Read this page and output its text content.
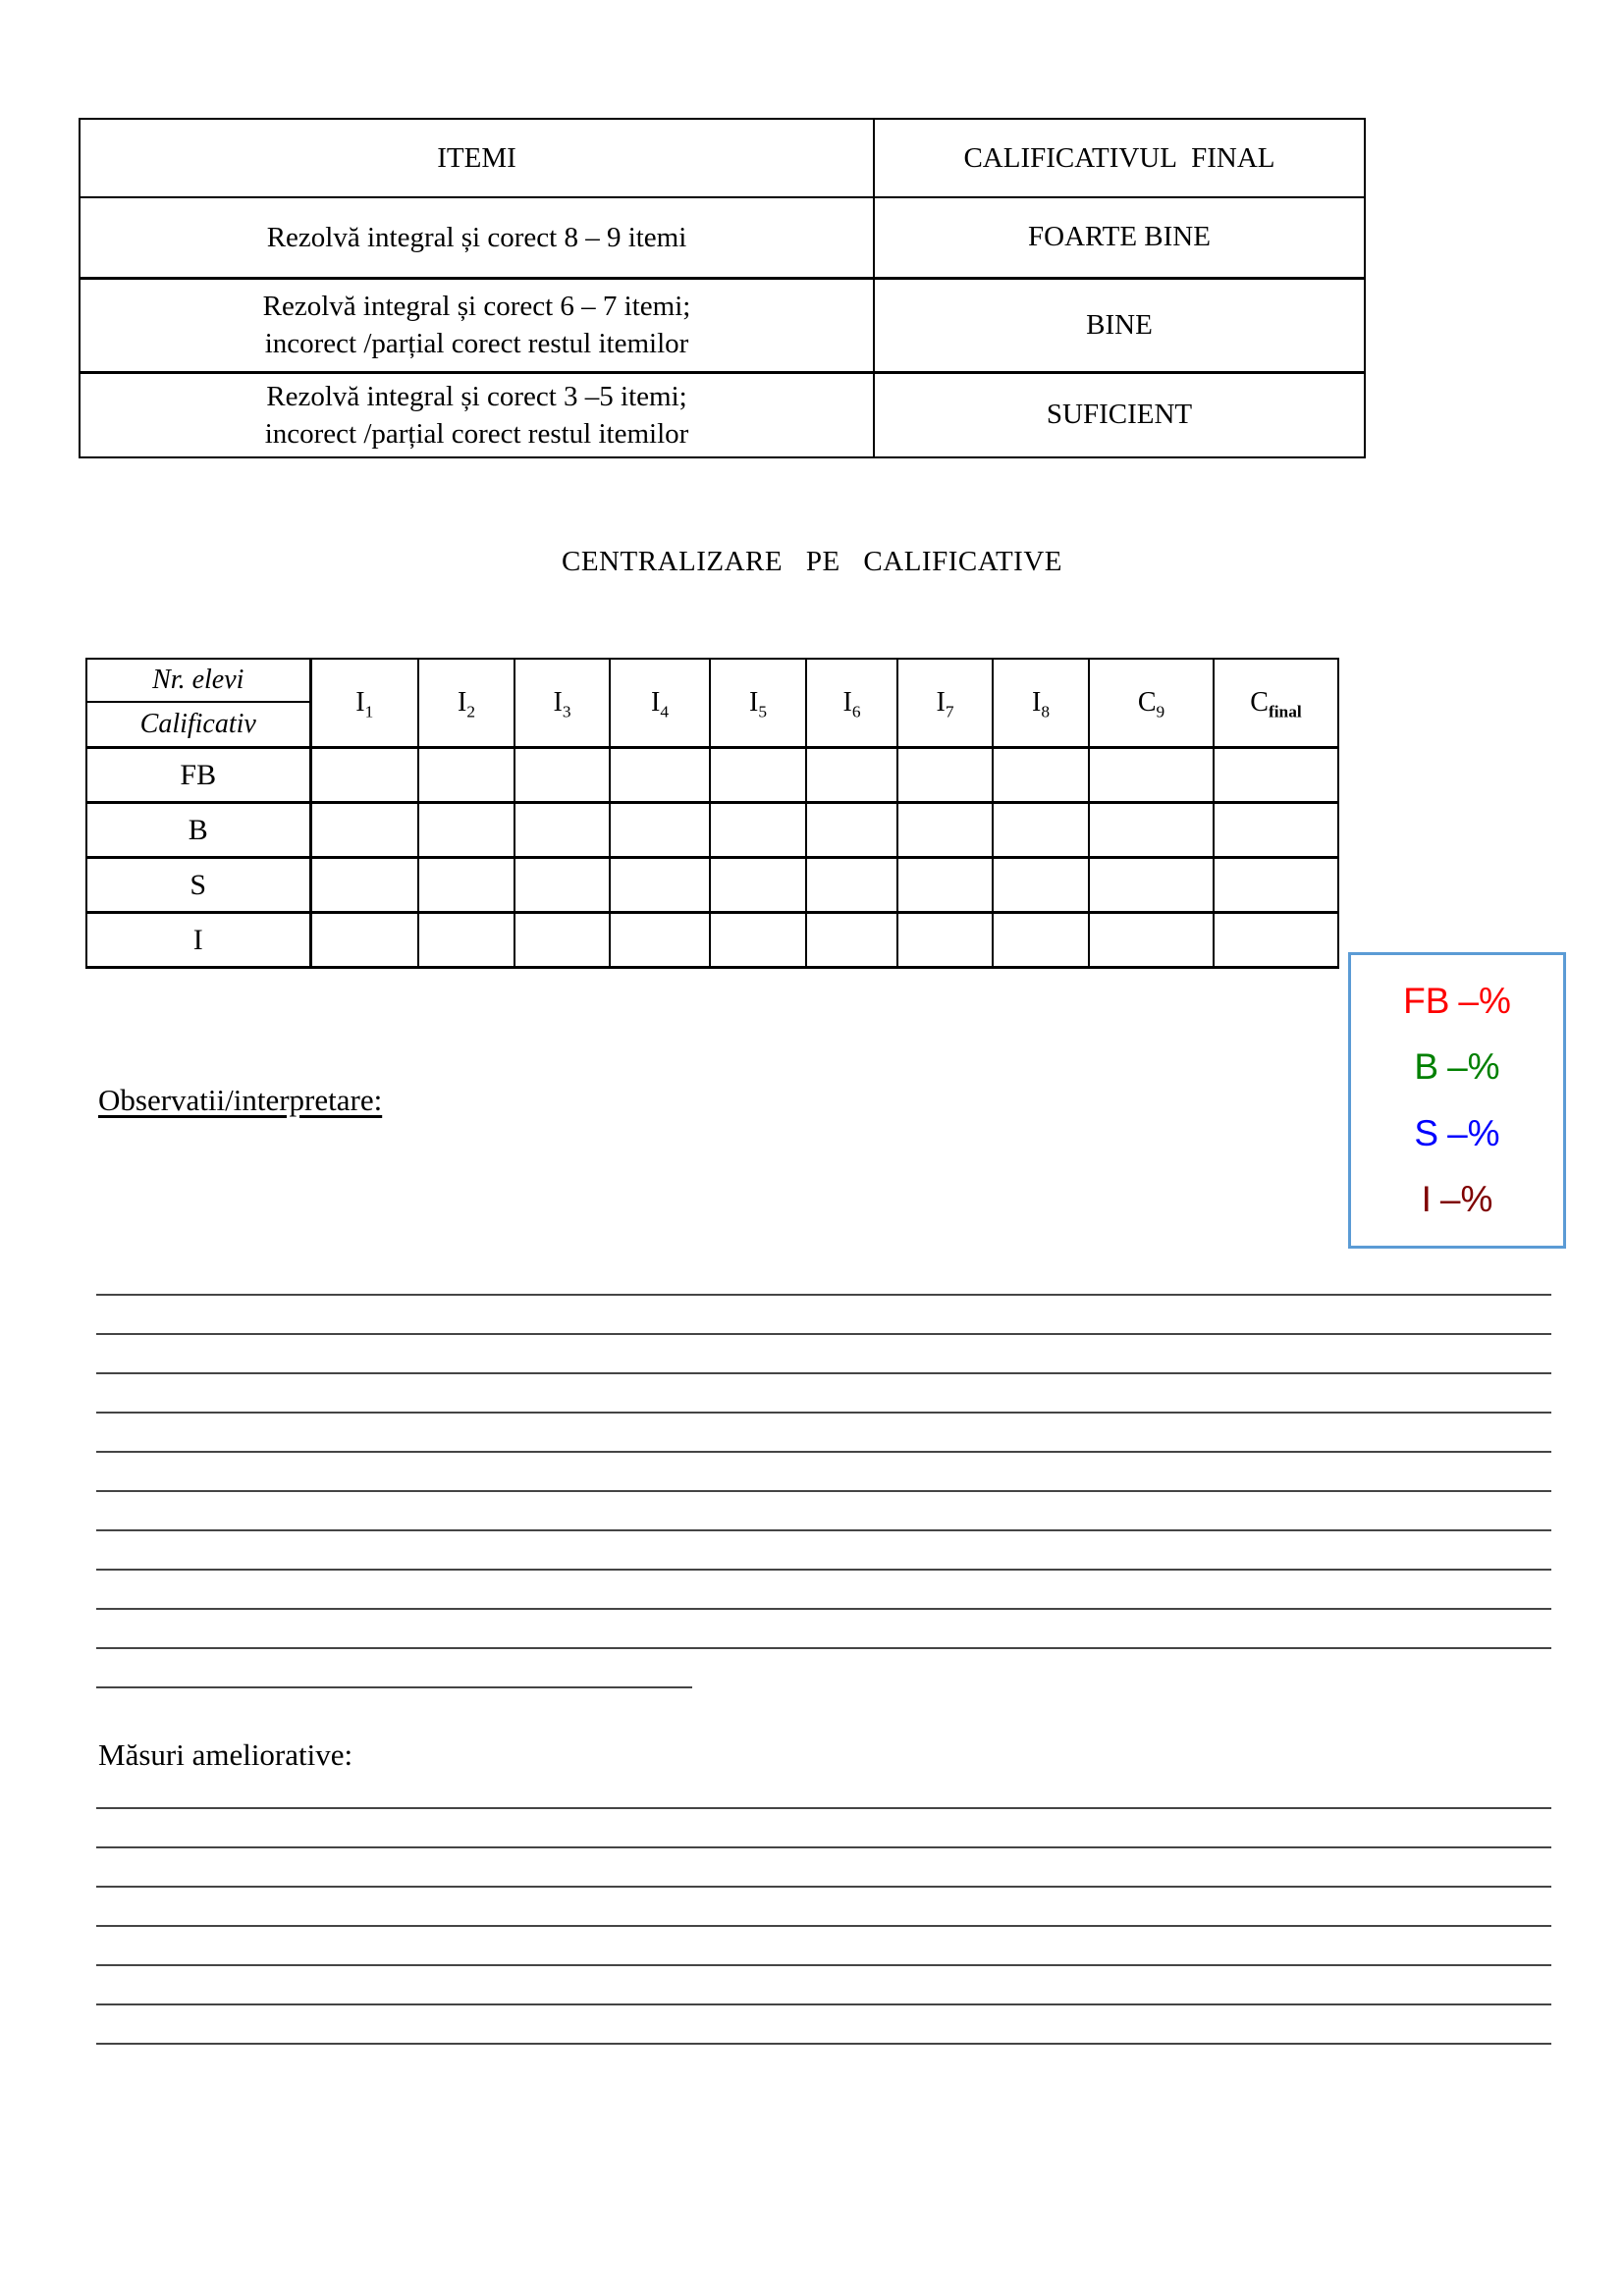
ITEMI	CALIFICATIVUL FINAL

Rezolvă integral și corect 8 – 9 itemi	FOARTE BINE

Rezolvă integral și corect 6 – 7 itemi;
incorect /parțial corect restul itemilor	BINE

Rezolvă integral și corect 3 –5 itemi;
incorect /parțial corect restul itemilor	SUFICIENT
CENTRALIZARE PE CALIFICATIVE
Nr. elevi
Calificativ	$I_1$	$I_2$	$I_3$	$I_4$	$I_5$	$I_6$	$I_7$	$I_8$	$C_9$	$C_{final}$
FB										
B										
S										
I										
FB –%
B –%
S –%
I –%
Observatii/interpretare:
Măsuri ameliorative:
